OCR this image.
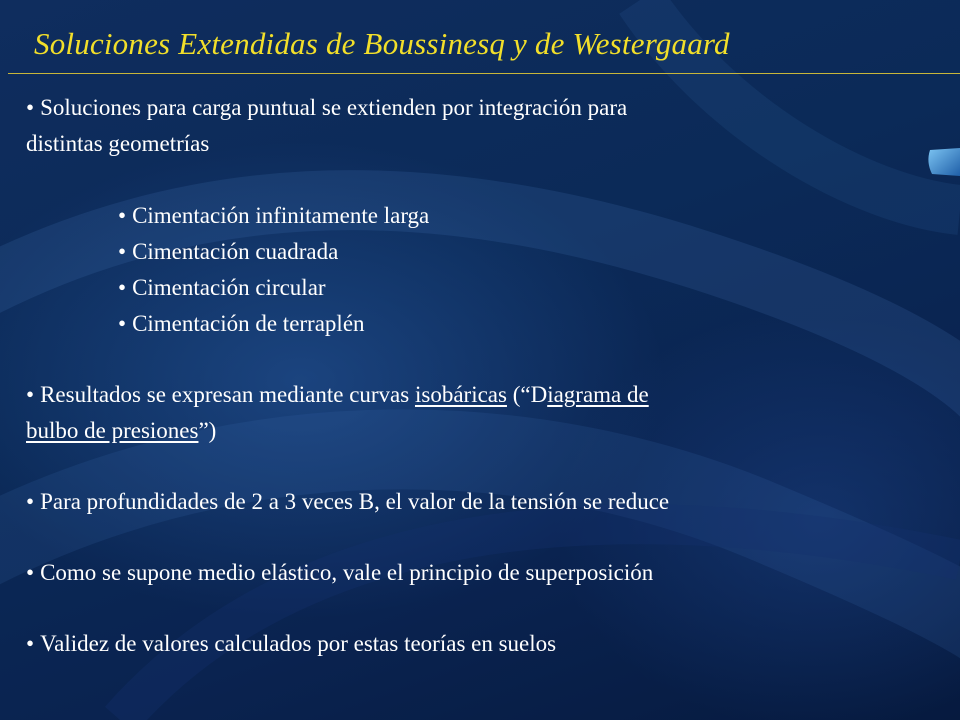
Soluciones Extendidas de Boussinesq y de Westergaard

• Soluciones para carga puntual se extienden por integración para
distintas geometrías

• Cimentación infinitamente larga

• Cimentación cuadrada

• Cimentación circular

• Cimentación de terraplén

• Resultados se expresan mediante curvas isobáricas (“Diagrama de
bulbo de presiones”)

• Para profundidades de 2 a 3 veces B, el valor de la tensión se reduce

• Como se supone medio elástico, vale el principio de superposición

• Validez de valores calculados por estas teorías en suelos
